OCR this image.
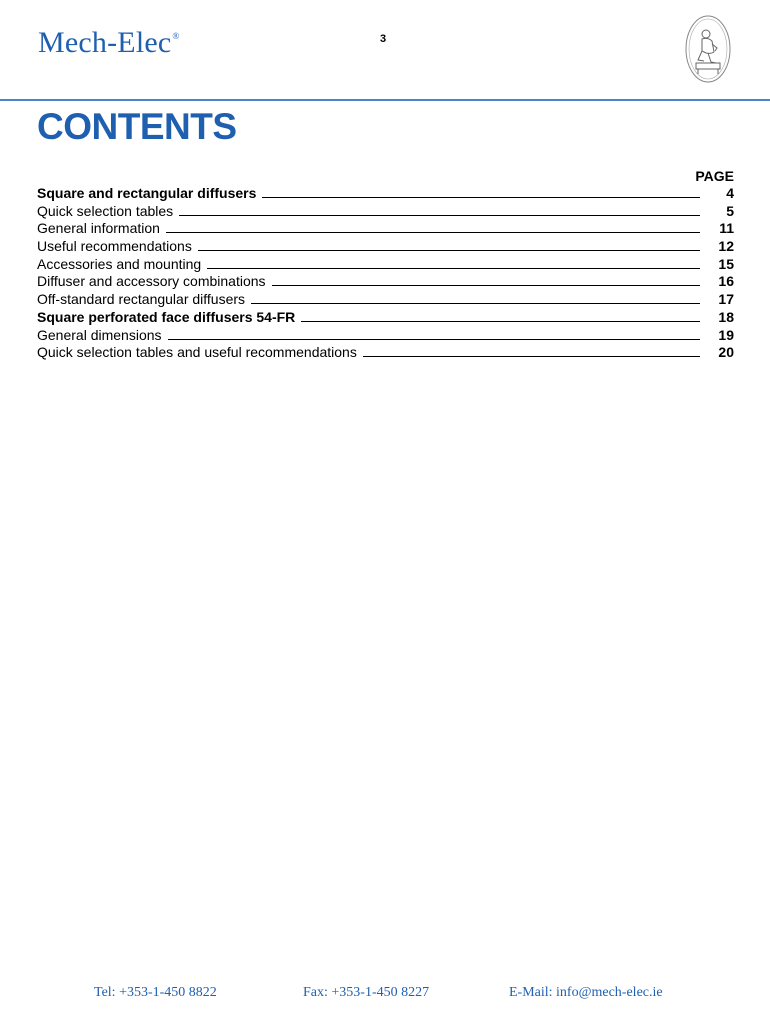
Mech-Elec®	3
CONTENTS
PAGE
Square and rectangular diffusers	4
Quick selection tables	5
General information	11
Useful recommendations	12
Accessories and mounting	15
Diffuser and accessory combinations	16
Off-standard rectangular diffusers	17
Square perforated face diffusers 54-FR	18
General dimensions	19
Quick selection tables and useful recommendations	20
Tel: +353-1-450 8822	Fax: +353-1-450 8227	E-Mail: info@mech-elec.ie
